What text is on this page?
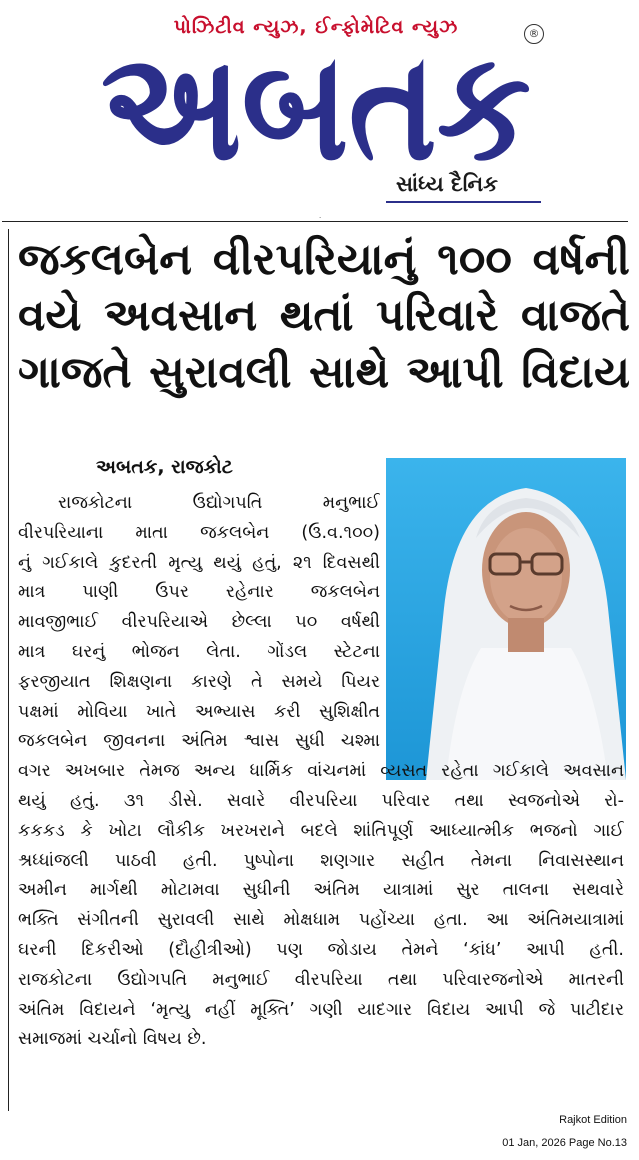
પોઝિટીવ ન્યુઝ, ઈન્ફોમેટિવ ન્યુઝ	®
અબતક
સાંધ્ય દૈનિક
.
જકલબેન વીરપરિયાનું ૧૦૦ વર્ષની
વયે અવસાન થતાં પરિવારે વાજતે
ગાજતે સુરાવલી સાથે આપી વિદાય
અબતક, રાજકોટ
રાજકોટના ઉદ્યોગપતિ મનુભાઈ
વીરપરિયાના માતા જકલબેન (ઉ.વ.૧૦૦)
નું ગઈકાલે કુદરતી મૃત્યુ થયું હતું, ૨૧ દિવસથી
માત્ર પાણી ઉપર રહેનાર જકલબેન
માવજીભાઈ વીરપરિયાએ છેલ્લા ૫૦ વર્ષથી
માત્ર ઘરનું ભોજન લેતા. ગોંડલ સ્ટેટના
ફરજીયાત શિક્ષણના કારણે તે સમયે પિયર
પક્ષમાં મોવિયા ખાતે અભ્યાસ કરી સુશિક્ષીત
જકલબેન જીવનના અંતિમ શ્વાસ સુધી ચશ્મા
વગર અખબાર તેમજ અન્ય ધાર્મિક વાંચનમાં વ્યસત રહેતા ગઈકાલે અવસાન
થયું હતું. ૩૧ ડીસે. સવારે વીરપરિયા પરિવાર તથા સ્વજનોએ રો-
કકકડ કે ખોટા લૌકીક ખરખરાને બદલે શાંતિપૂર્ણ આધ્યાત્મીક ભજનો ગાઈ
શ્રધ્ધાંજલી પાઠવી હતી. પુષ્પોના શણગાર સહીત તેમના નિવાસસ્થાન
અમીન માર્ગથી મોટામવા સુધીની અંતિમ યાત્રામાં સુર તાલના સથવારે
ભક્તિ સંગીતની સુરાવલી સાથે મોક્ષધામ પહોંચ્યા હતા. આ અંતિમયાત્રામાં
ઘરની દિકરીઓ (દૌહીત્રીઓ) પણ જોડાય તેમને ‘કાંધ’ આપી હતી.
રાજકોટના ઉદ્યોગપતિ મનુભાઈ વીરપરિયા તથા પરિવારજનોએ માતરની
અંતિમ વિદાયને ‘મૃત્યુ નહીં મૂક્તિ’ ગણી યાદગાર વિદાય આપી જે પાટીદાર
સમાજમાં ચર્ચાનો વિષય છે.
Rajkot Edition
01 Jan, 2026 Page No.13
